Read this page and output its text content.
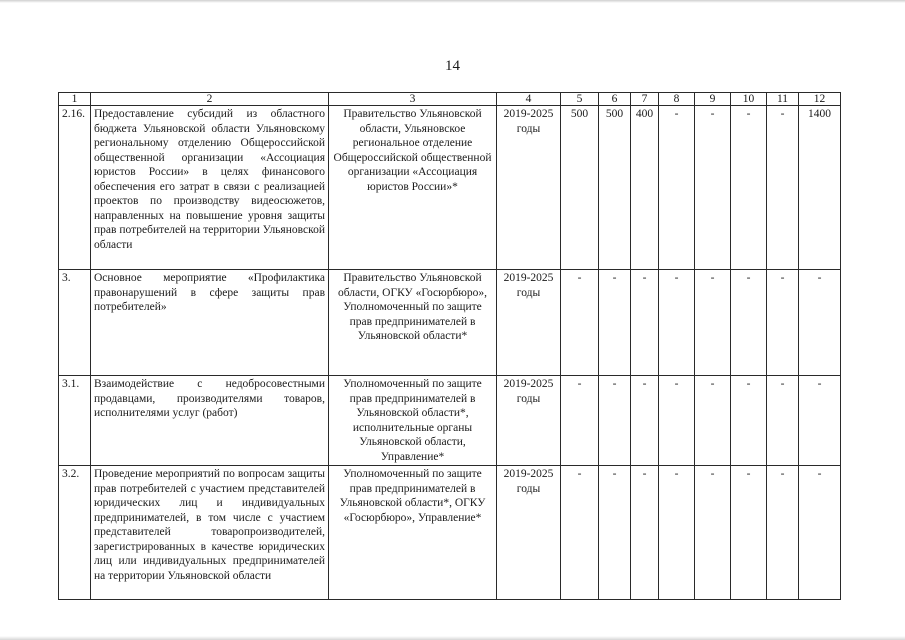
14
1	2	3	4	5	6	7	8	9	10	11	12
2.16.	Предоставление субсидий из областного бюджета Ульяновской области Ульяновскому региональному отделению Общероссийской общественной организации «Ассоциация юристов России» в целях финансового обеспечения его затрат в связи с реализацией проектов по производству видеосюжетов, направленных на повышение уровня защиты прав потребителей на территории Ульяновской области	Правительство Ульяновской области, Ульяновское региональное отделение Общероссийской общественной организации «Ассоциация юристов России»*	2019-2025 годы	500	500	400	-	-	-	-	1400
3.	Основное мероприятие «Профилактика правонарушений в сфере защиты прав потребителей»	Правительство Ульяновской области, ОГКУ «Госюрбюро», Уполномоченный по защите прав предпринимателей в Ульяновской области*	2019-2025 годы	-	-	-	-	-	-	-	-
3.1.	Взаимодействие с недобросовестными продавцами, производителями товаров, исполнителями услуг (работ)	Уполномоченный по защите прав предпринимателей в Ульяновской области*, исполнительные органы Ульяновской области, Управление*	2019-2025 годы	-	-	-	-	-	-	-	-
3.2.	Проведение мероприятий по вопросам защиты прав потребителей с участием представителей юридических лиц и индивидуальных предпринимателей, в том числе с участием представителей товаропроизводителей, зарегистрированных в качестве юридических лиц или индивидуальных предпринимателей на территории Ульяновской области	Уполномоченный по защите прав предпринимателей в Ульяновской области*, ОГКУ «Госюрбюро», Управление*	2019-2025 годы	-	-	-	-	-	-	-	-
